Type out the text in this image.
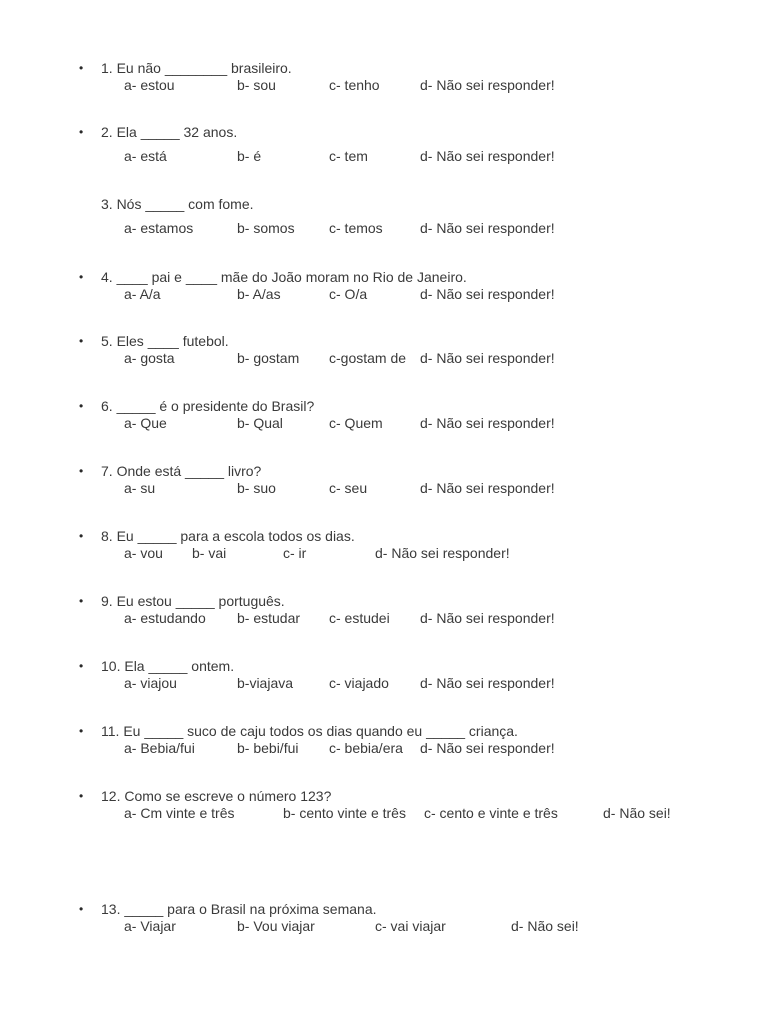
• 1. Eu não ________ brasileiro.
a- estou	b- sou	c- tenho	d- Não sei responder!
• 2. Ela _____ 32 anos.
a- está	b- é	c- tem	d- Não sei responder!
3. Nós _____ com fome.
a- estamos	b- somos c- temos	d- Não sei responder!
• 4. ____ pai e ____ mãe do João moram no Rio de Janeiro.
a- A/a	b- A/as	c- O/a	d- Não sei responder!
• 5. Eles ____ futebol.
a- gosta	b- gostam c-gostam de d- Não sei responder!
• 6. _____ é o presidente do Brasil?
a- Que	b- Qual	c- Quem	d- Não sei responder!
• 7. Onde está _____ livro?
a- su	b- suo	c- seu	d- Não sei responder!
• 8. Eu _____ para a escola todos os dias.
a- vou b- vai	c- ir	d- Não sei responder!
• 9. Eu estou _____ português.
a- estudando b- estudar c- estudei d- Não sei responder!
• 10. Ela _____ ontem.
a- viajou	b-viajava	c- viajado d- Não sei responder!
• 11. Eu _____ suco de caju todos os dias quando eu _____ criança.
a- Bebia/fui	b- bebi/fui c- bebia/era d- Não sei responder!
• 12. Como se escreve o número 123?
a- Cm vinte e três	b- cento vinte e três c- cento e vinte e três	d- Não sei!
• 13. _____ para o Brasil na próxima semana.
a- Viajar	b- Vou viajar	c- vai viajar	d- Não sei!
